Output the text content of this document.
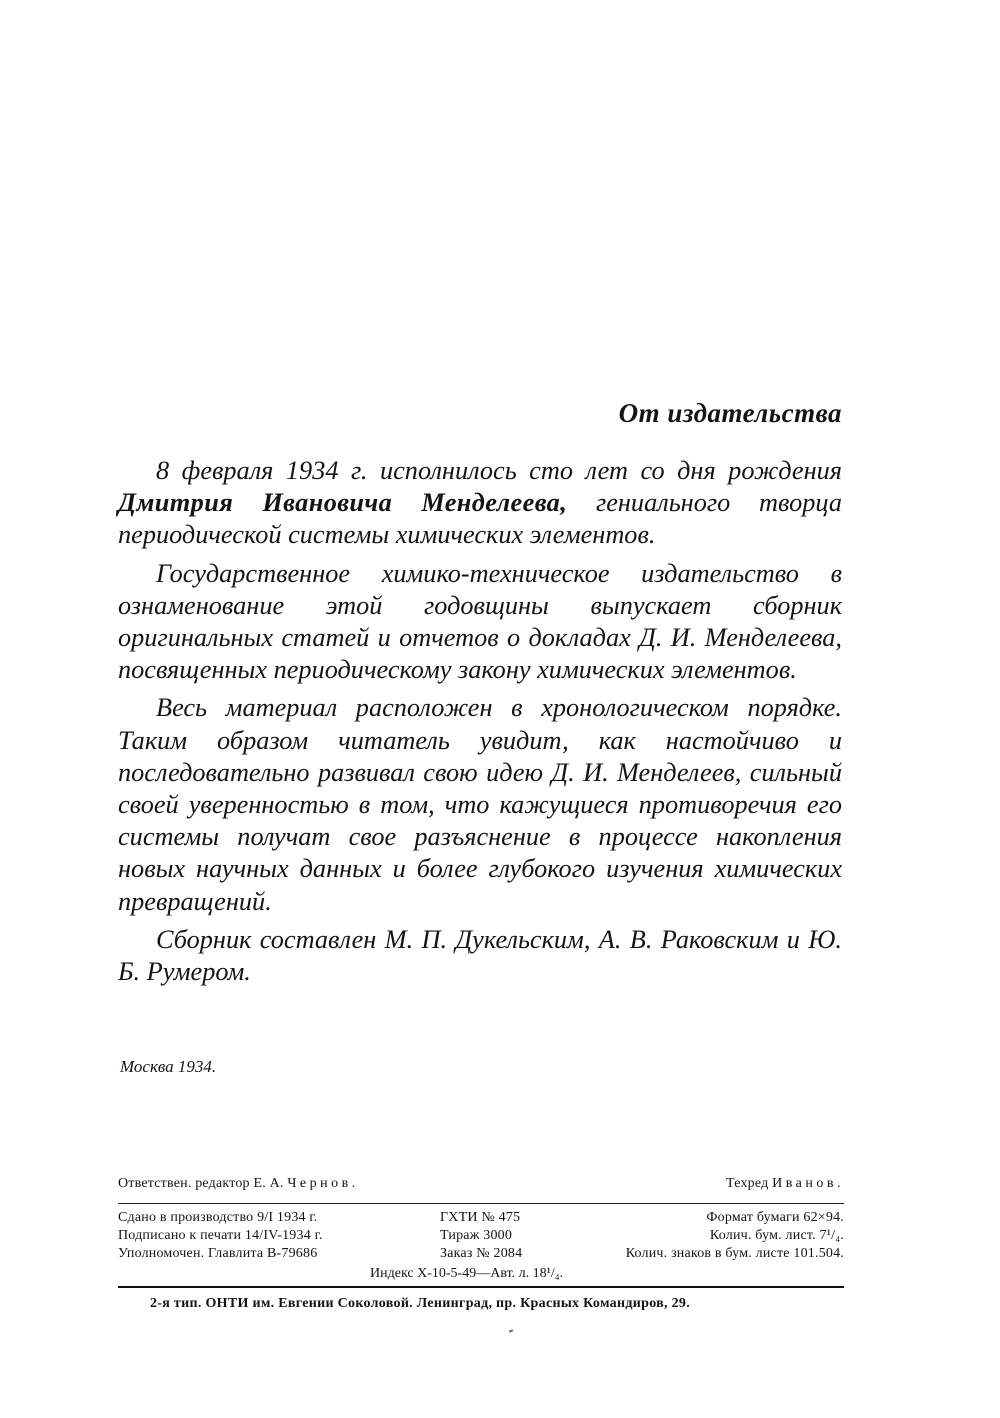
От издательства

8 февраля 1934 г. исполнилось сто лет со дня рождения Дмитрия Ивановича Менделеева, гениального творца периодической системы химических элементов.

Государственное химико-техническое издательство в ознаменование этой годовщины выпускает сборник оригинальных статей и отчетов о докладах Д. И. Менделеева, посвященных периодическому закону химических элементов.

Весь материал расположен в хронологическом порядке. Таким образом читатель увидит, как настойчиво и последовательно развивал свою идею Д. И. Менделеев, сильный своей уверенностью в том, что кажущиеся противоречия его системы получат свое разъяснение в процессе накопления новых научных данных и более глубокого изучения химических превращений.

Сборник составлен М. П. Дукельским, А. В. Раковским и Ю. Б. Румером.

Москва 1934.
Ответствен. редактор Е. А. Чернов.	Техред Иванов.
Сдано в производство 9/I 1934 г.	ГХТИ № 475	Формат бумаги 62×94.
Подписано к печати 14/IV-1934 г.	Тираж 3000	Колич. бум. лист. 7¹/₄.
Уполномочен. Главлита В-79686	Заказ № 2084	Колич. знаков в бум. листе 101.504.
Индекс Х-10-5-49—Авт. л. 18¹/₄.
2-я тип. ОНТИ им. Евгении Соколовой. Ленинград, пр. Красных Командиров, 29.
